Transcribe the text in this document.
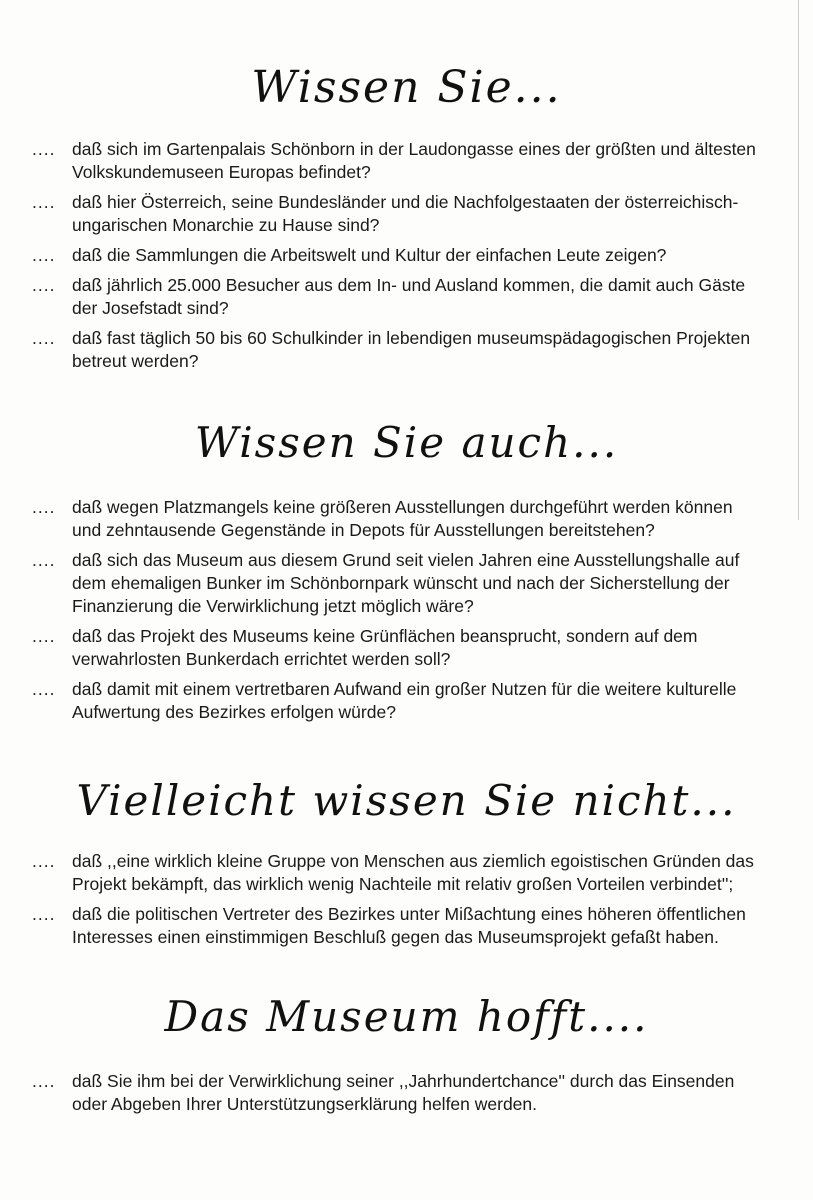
Wissen Sie...
.... daß sich im Gartenpalais Schönborn in der Laudongasse eines der größten und ältesten Volkskundemuseen Europas befindet?
.... daß hier Österreich, seine Bundesländer und die Nachfolgestaaten der österreichisch-ungarischen Monarchie zu Hause sind?
.... daß die Sammlungen die Arbeitswelt und Kultur der einfachen Leute zeigen?
.... daß jährlich 25.000 Besucher aus dem In- und Ausland kommen, die damit auch Gäste der Josefstadt sind?
.... daß fast täglich 50 bis 60 Schulkinder in lebendigen museumspädagogischen Projekten betreut werden?
Wissen Sie auch...
.... daß wegen Platzmangels keine größeren Ausstellungen durchgeführt werden können und zehntausende Gegenstände in Depots für Ausstellungen bereitstehen?
.... daß sich das Museum aus diesem Grund seit vielen Jahren eine Ausstellungshalle auf dem ehemaligen Bunker im Schönbornpark wünscht und nach der Sicherstellung der Finanzierung die Verwirklichung jetzt möglich wäre?
.... daß das Projekt des Museums keine Grünflächen beansprucht, sondern auf dem verwahrlosten Bunkerdach errichtet werden soll?
.... daß damit mit einem vertretbaren Aufwand ein großer Nutzen für die weitere kulturelle Aufwertung des Bezirkes erfolgen würde?
Vielleicht wissen Sie nicht...
.... daß ,,eine wirklich kleine Gruppe von Menschen aus ziemlich egoistischen Gründen das Projekt bekämpft, das wirklich wenig Nachteile mit relativ großen Vorteilen verbindet'';
.... daß die politischen Vertreter des Bezirkes unter Mißachtung eines höheren öffentlichen Interesses einen einstimmigen Beschluß gegen das Museumsprojekt gefaßt haben.
Das Museum hofft....
.... daß Sie ihm bei der Verwirklichung seiner ,,Jahrhundertchance'' durch das Einsenden oder Abgeben Ihrer Unterstützungserklärung helfen werden.
